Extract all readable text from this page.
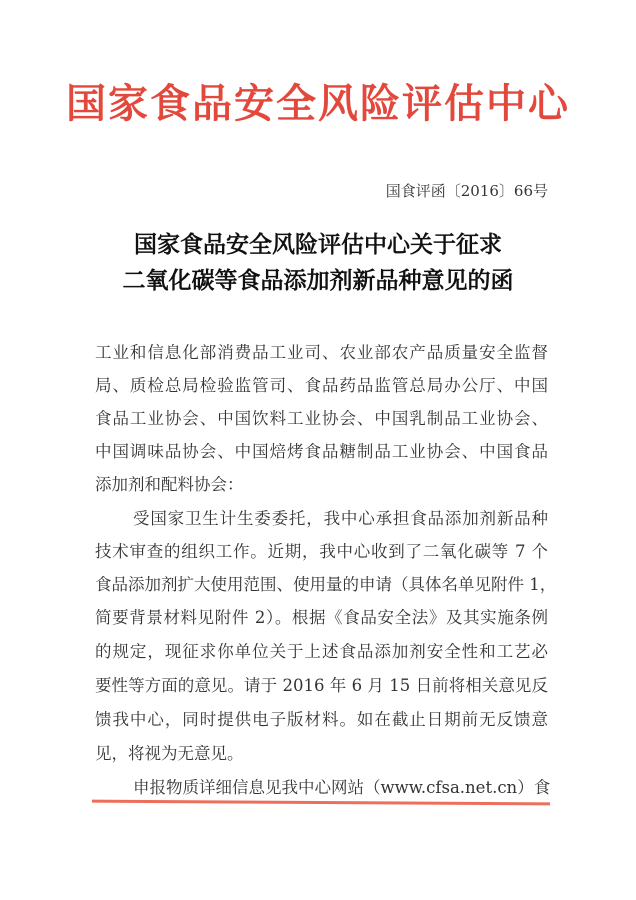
国家食品安全风险评估中心
国食评函〔2016〕66号
国家食品安全风险评估中心关于征求
二氧化碳等食品添加剂新品种意见的函
工业和信息化部消费品工业司、农业部农产品质量安全监督
局、质检总局检验监管司、食品药品监管总局办公厅、中国
食品工业协会、中国饮料工业协会、中国乳制品工业协会、
中国调味品协会、中国焙烤食品糖制品工业协会、中国食品
添加剂和配料协会：
受国家卫生计生委委托，我中心承担食品添加剂新品种
技术审查的组织工作。近期，我中心收到了二氧化碳等 7 个
食品添加剂扩大使用范围、使用量的申请（具体名单见附件 1，
简要背景材料见附件 2）。根据《食品安全法》及其实施条例
的规定，现征求你单位关于上述食品添加剂安全性和工艺必
要性等方面的意见。请于 2016 年 6 月 15 日前将相关意见反
馈我中心，同时提供电子版材料。如在截止日期前无反馈意
见，将视为无意见。
申报物质详细信息见我中心网站（www.cfsa.net.cn）食
